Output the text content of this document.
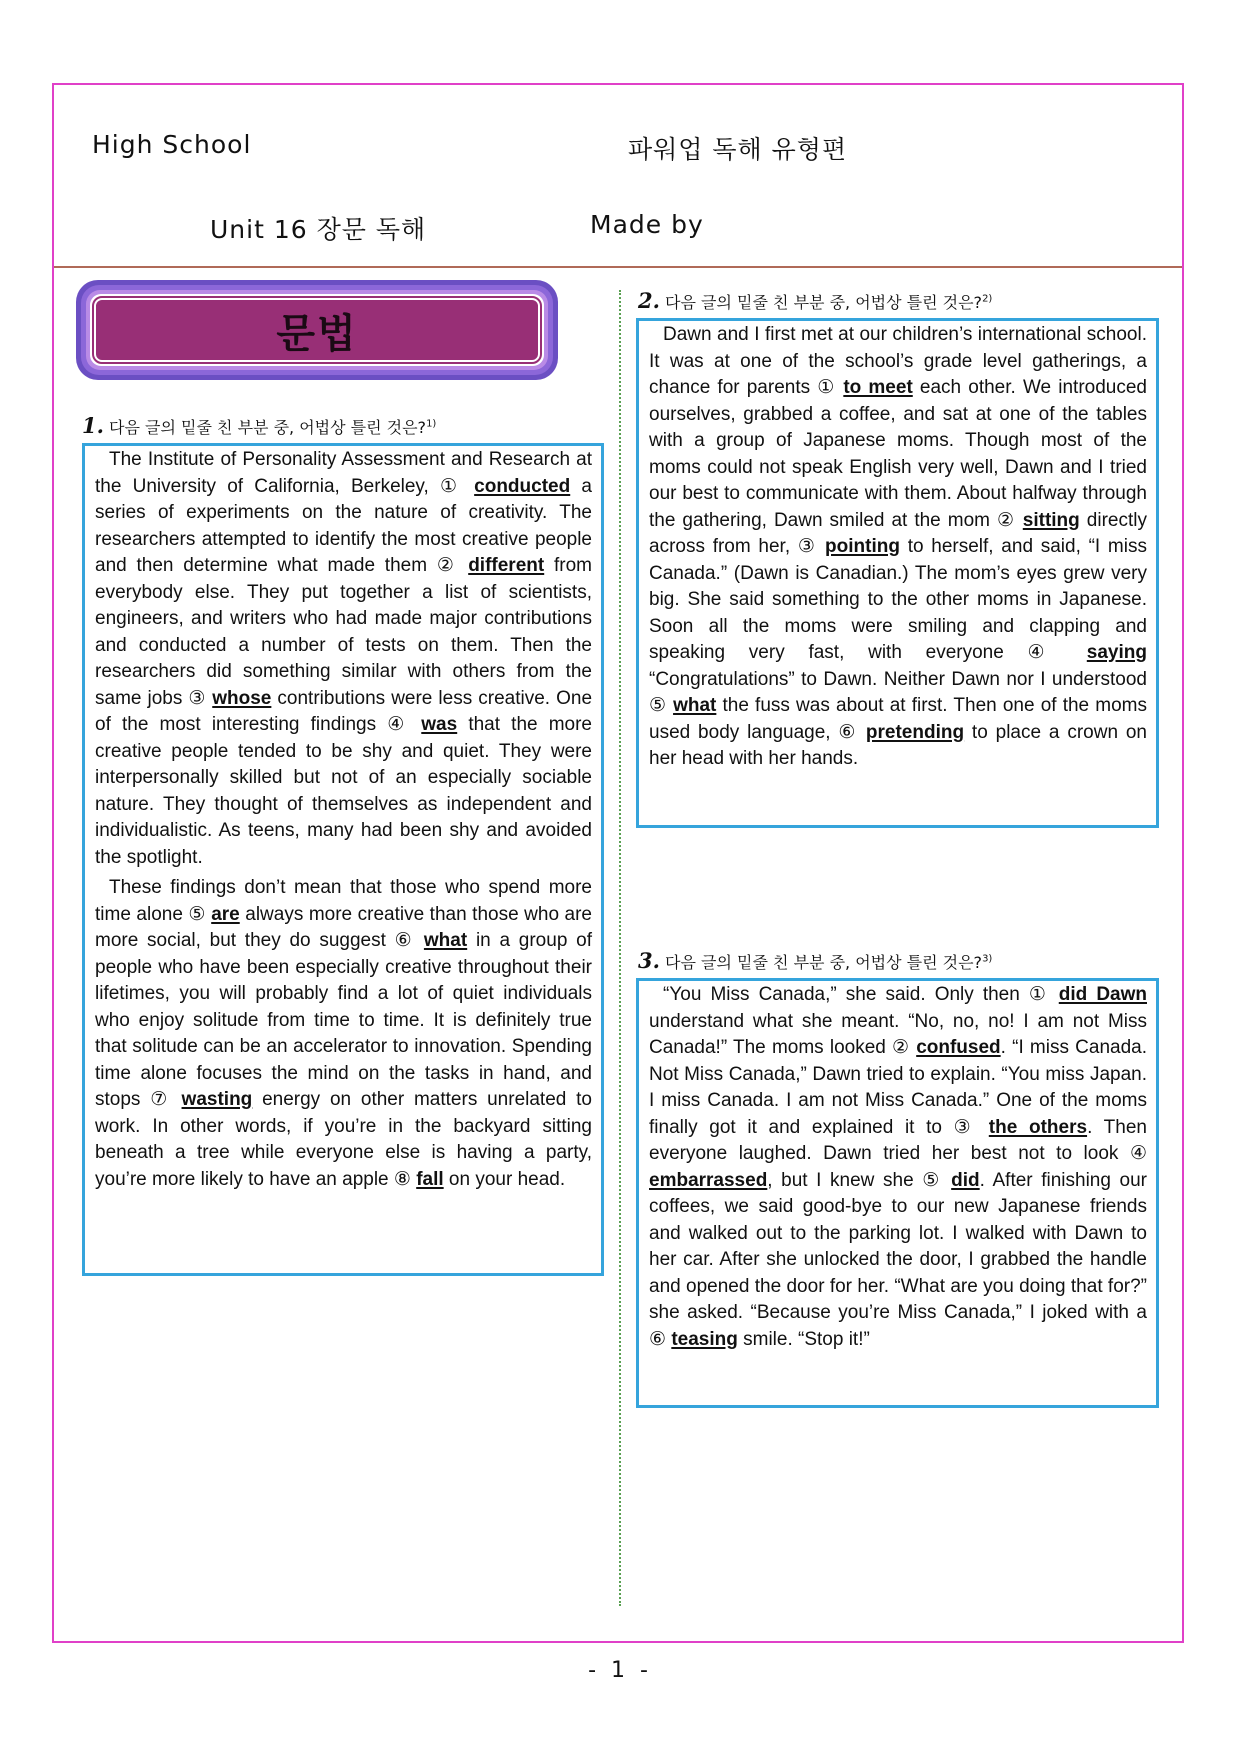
High School	파워업 독해 유형편
Unit 16 장문 독해	Made by
문법
1. 다음 글의 밑줄 친 부분 중, 어법상 틀린 것은?$^{1)}$

The Institute of Personality Assessment and Research at the University of California, Berkeley, ① conducted a series of experiments on the nature of creativity. The researchers attempted to identify the most creative people and then determine what made them ② different from everybody else. They put together a list of scientists, engineers, and writers who had made major contributions and conducted a number of tests on them. Then the researchers did something similar with others from the same jobs ③ whose contributions were less creative. One of the most interesting findings ④ was that the more creative people tended to be shy and quiet. They were interpersonally skilled but not of an especially sociable nature. They thought of themselves as independent and individualistic. As teens, many had been shy and avoided the spotlight.

These findings don’t mean that those who spend more time alone ⑤ are always more creative than those who are more social, but they do suggest ⑥ what in a group of people who have been especially creative throughout their lifetimes, you will probably find a lot of quiet individuals who enjoy solitude from time to time. It is definitely true that solitude can be an accelerator to innovation. Spending time alone focuses the mind on the tasks in hand, and stops ⑦ wasting energy on other matters unrelated to work. In other words, if you’re in the backyard sitting beneath a tree while everyone else is having a party, you’re more likely to have an apple ⑧ fall on your head.

2. 다음 글의 밑줄 친 부분 중, 어법상 틀린 것은?$^{2)}$

Dawn and I first met at our children’s international school. It was at one of the school’s grade level gatherings, a chance for parents ① to meet each other. We introduced ourselves, grabbed a coffee, and sat at one of the tables with a group of Japanese moms. Though most of the moms could not speak English very well, Dawn and I tried our best to communicate with them. About halfway through the gathering, Dawn smiled at the mom ② sitting directly across from her, ③ pointing to herself, and said, “I miss Canada.” (Dawn is Canadian.) The mom’s eyes grew very big. She said something to the other moms in Japanese. Soon all the moms were smiling and clapping and speaking very fast, with everyone ④ saying “Congratulations” to Dawn. Neither Dawn nor I understood ⑤ what the fuss was about at first. Then one of the moms used body language, ⑥ pretending to place a crown on her head with her hands.

3. 다음 글의 밑줄 친 부분 중, 어법상 틀린 것은?$^{3)}$

“You Miss Canada,” she said. Only then ① did Dawn understand what she meant. “No, no, no! I am not Miss Canada!” The moms looked ② confused. “I miss Canada. Not Miss Canada,” Dawn tried to explain. “You miss Japan. I miss Canada. I am not Miss Canada.” One of the moms finally got it and explained it to ③ the others. Then everyone laughed. Dawn tried her best not to look ④ embarrassed, but I knew she ⑤ did. After finishing our coffees, we said good-bye to our new Japanese friends and walked out to the parking lot. I walked with Dawn to her car. After she unlocked the door, I grabbed the handle and opened the door for her. “What are you doing that for?” she asked. “Because you’re Miss Canada,” I joked with a ⑥ teasing smile. “Stop it!”

- 1 -
